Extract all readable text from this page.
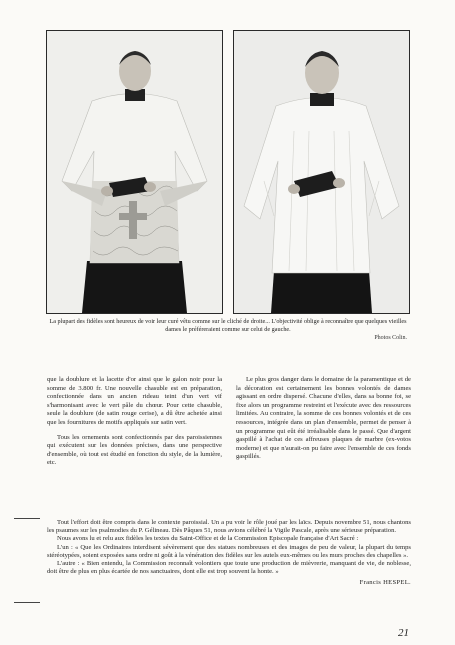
La plupart des fidèles sont heureux de voir leur curé vêtu comme sur le cliché de droite... L'objectivité oblige à reconnaître que quelques vieilles dames le préféreraient comme sur celui de gauche.
Photos Colin.

que la doublure et la lacette d'or ainsi que le galon noir pour la somme de 3.800 fr. Une nouvelle chasuble est en préparation, confectionnée dans un ancien rideau teint d'un vert vif s'harmonisant avec le vert pâle du chœur. Pour cette chasuble, seule la doublure (de satin rouge cerise), a dû être achetée ainsi que les fournitures de motifs appliqués sur satin vert.

Tous les ornements sont confectionnés par des paroissiennes qui exécutent sur les données précises, dans une perspective d'ensemble, où tout est étudié en fonction du style, de la lumière, etc.

Le plus gros danger dans le domaine de la paramentique et de la décoration est certainement les bonnes volontés de dames agissant en ordre dispersé. Chacune d'elles, dans sa bonne foi, se fixe alors un programme restreint et l'exécute avec des ressources limitées. Au contraire, la somme de ces bonnes volontés et de ces ressources, intégrée dans un plan d'ensemble, permet de penser à un programme qui eût été irréalisable dans le passé. Que d'argent gaspillé à l'achat de ces affreuses plaques de marbre (ex-votos moderne) et que n'aurait-on pu faire avec l'ensemble de ces fonds gaspillés.

Tout l'effort doit être compris dans le contexte paroissial. Un a pu voir le rôle joué par les laïcs. Depuis novembre 51, nous chantons les psaumes sur les psalmodies du P. Gélineau. Dès Pâques 51, nous avions célébré la Vigile Pascale, après une sérieuse préparation.

Nous avons lu et relu aux fidèles les textes du Saint-Office et de la Commission Episcopale française d'Art Sacré :

L'un : « Que les Ordinaires interdisent sévèrement que des statues nombreuses et des images de peu de valeur, la plupart du temps stéréotypées, soient exposées sans ordre ni goût à la vénération des fidèles sur les autels eux-mêmes ou les murs proches des chapelles ».

L'autre : « Bien entendu, la Commission reconnaît volontiers que toute une production de mièvrerie, manquant de vie, de noblesse, doit être de plus en plus écartée de nos sanctuaires, dont elle est trop souvent la honte. »

Francis HESPEL.

21
